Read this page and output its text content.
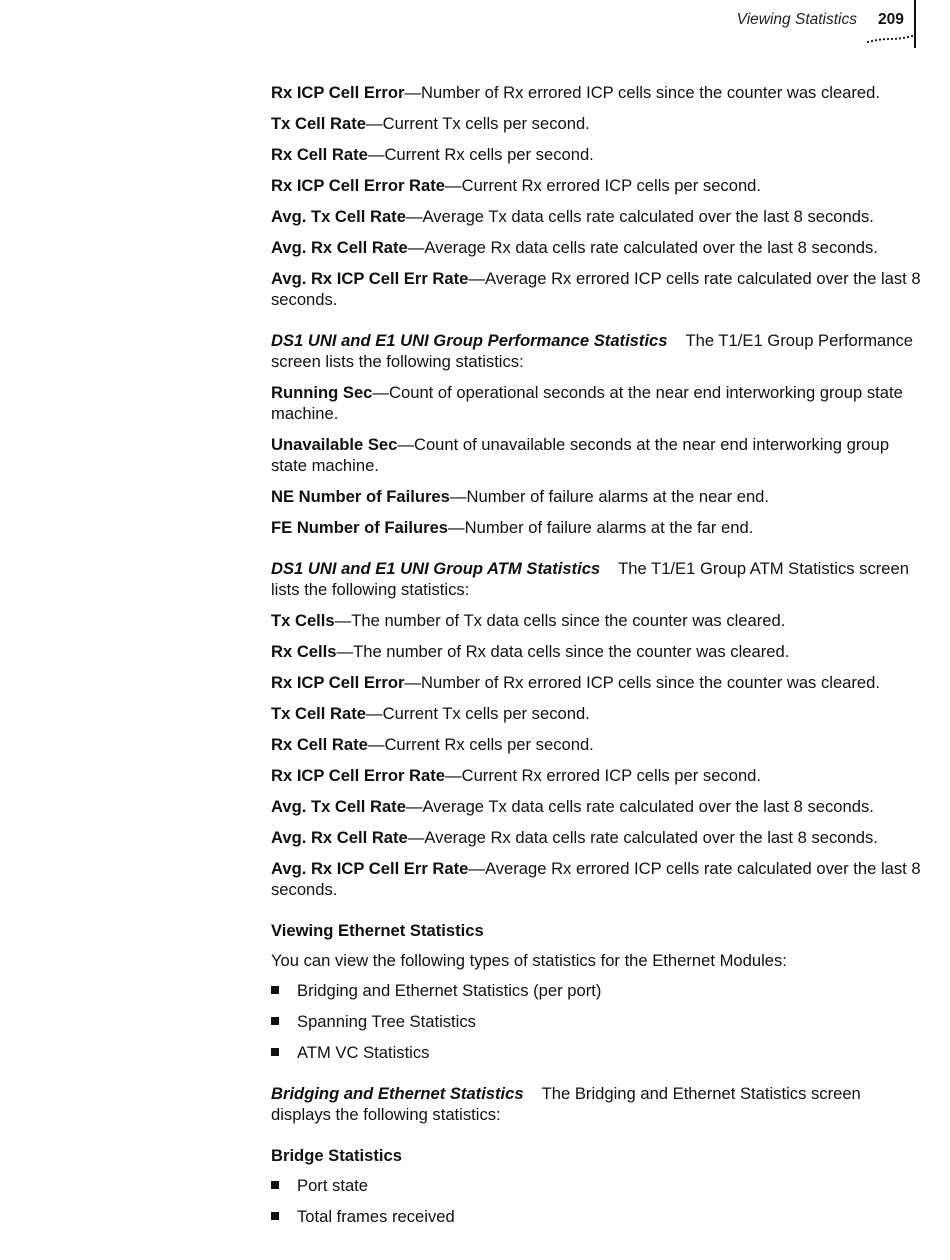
Viewing Statistics 209

Rx ICP Cell Error—Number of Rx errored ICP cells since the counter was cleared.

Tx Cell Rate—Current Tx cells per second.

Rx Cell Rate—Current Rx cells per second.

Rx ICP Cell Error Rate—Current Rx errored ICP cells per second.

Avg. Tx Cell Rate—Average Tx data cells rate calculated over the last 8 seconds.

Avg. Rx Cell Rate—Average Rx data cells rate calculated over the last 8 seconds.

Avg. Rx ICP Cell Err Rate—Average Rx errored ICP cells rate calculated over the last 8 seconds.

DS1 UNI and E1 UNI Group Performance Statistics The T1/E1 Group Performance screen lists the following statistics:

Running Sec—Count of operational seconds at the near end interworking group state machine.

Unavailable Sec—Count of unavailable seconds at the near end interworking group state machine.

NE Number of Failures—Number of failure alarms at the near end.

FE Number of Failures—Number of failure alarms at the far end.

DS1 UNI and E1 UNI Group ATM Statistics The T1/E1 Group ATM Statistics screen lists the following statistics:

Tx Cells—The number of Tx data cells since the counter was cleared.

Rx Cells—The number of Rx data cells since the counter was cleared.

Rx ICP Cell Error—Number of Rx errored ICP cells since the counter was cleared.

Tx Cell Rate—Current Tx cells per second.

Rx Cell Rate—Current Rx cells per second.

Rx ICP Cell Error Rate—Current Rx errored ICP cells per second.

Avg. Tx Cell Rate—Average Tx data cells rate calculated over the last 8 seconds.

Avg. Rx Cell Rate—Average Rx data cells rate calculated over the last 8 seconds.

Avg. Rx ICP Cell Err Rate—Average Rx errored ICP cells rate calculated over the last 8 seconds.

Viewing Ethernet Statistics

You can view the following types of statistics for the Ethernet Modules:

Bridging and Ethernet Statistics (per port)
Spanning Tree Statistics
ATM VC Statistics

Bridging and Ethernet Statistics The Bridging and Ethernet Statistics screen displays the following statistics:

Bridge Statistics
Port state
Total frames received
